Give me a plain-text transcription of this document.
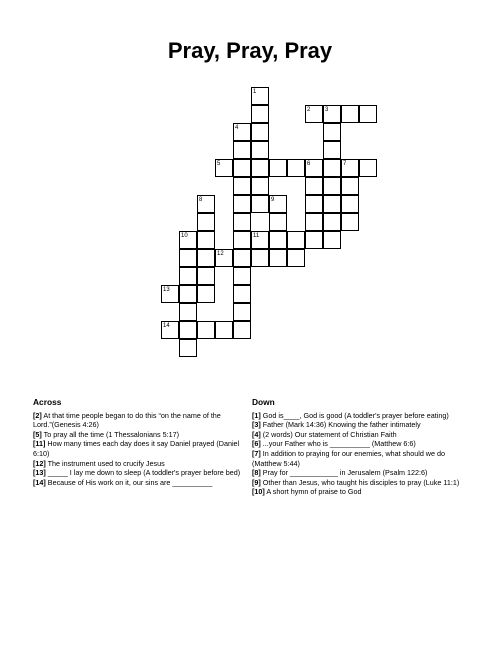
Pray, Pray, Pray
1
2 3
4
5	6	7
8	9
10	11
12
13
14
Across
[2] At that time people began to do this “on the name of the Lord.”(Genesis 4:26)
[5] To pray all the time (1 Thessalonians 5:17)
[11] How many times each day does it say Daniel prayed (Daniel 6:10)
[12] The instrument used to crucify Jesus
[13] _____ I lay me down to sleep (A toddler's prayer before bed)
[14] Because of His work on it, our sins are __________
Down
[1] God is____, God is good (A toddler's prayer before eating)
[3] Father (Mark 14:36) Knowing the father intimately
[4] (2 words) Our statement of Christian Faith
[6] ...your Father who is __________ (Matthew 6:6)
[7] In addition to praying for our enemies, what should we do (Matthew 5:44)
[8] Pray for ____________ in Jerusalem (Psalm 122:6)
[9] Other than Jesus, who taught his disciples to pray (Luke 11:1)
[10] A short hymn of praise to God
